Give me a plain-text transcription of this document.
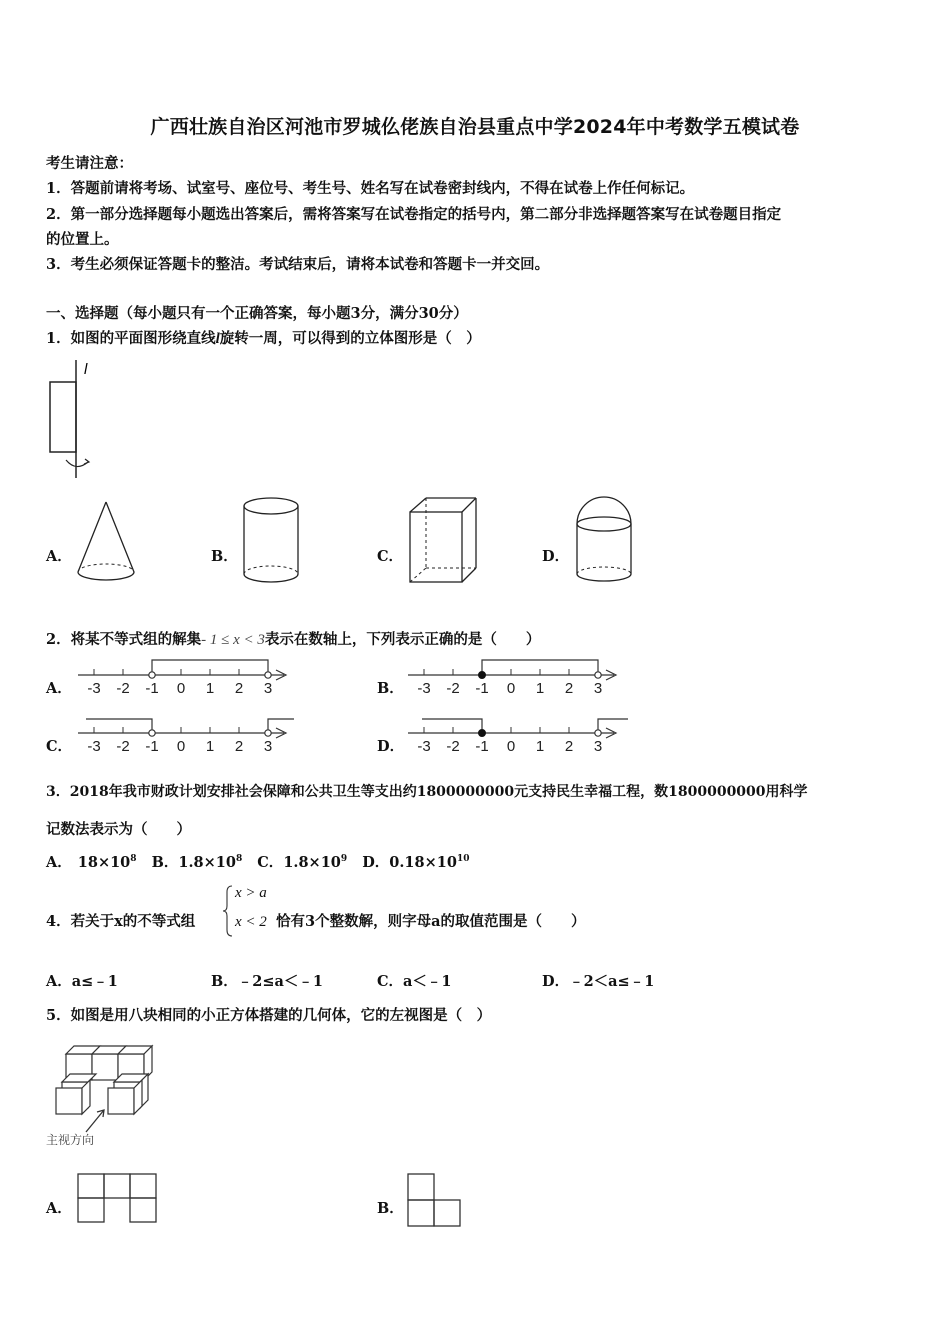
广西壮族自治区河池市罗城仫佬族自治县重点中学2024年中考数学五模试卷
考生请注意：
1．答题前请将考场、试室号、座位号、考生号、姓名写在试卷密封线内，不得在试卷上作任何标记。
2．第一部分选择题每小题选出答案后，需将答案写在试卷指定的括号内，第二部分非选择题答案写在试卷题目指定
的位置上。
3．考生必须保证答题卡的整洁。考试结束后，请将本试卷和答题卡一并交回。
一、选择题（每小题只有一个正确答案，每小题3分，满分30分）
1．如图的平面图形绕直线l旋转一周，可以得到的立体图形是（　）
l
A．	B．	C．	D．
2．将某不等式组的解集- 1 ≤ x < 3表示在数轴上，下列表示正确的是（　　）
A． -3 -2 -1 0 1 2 3	B． -3 -2 -1 0 1 2 3
C． -3 -2 -1 0 1 2 3	D． -3 -2 -1 0 1 2 3
3．2018年我市财政计划安排社会保障和公共卫生等支出约1800000000元支持民生幸福工程，数1800000000用科学
记数法表示为（　　）
A． $18\times 10^8$ B．$1.8\times 10^8$ C．$1.8\times 10^9$ D．$0.18\times 10^{10}$
4．若关于x的不等式组
x > a
x < 2 恰有3个整数解，则字母a的取值范围是（　　）
A．a≤﹣1	B．﹣2≤a＜﹣1	C．a＜﹣1	D．﹣2＜a≤﹣1
5．如图是用八块相同的小正方体搭建的几何体，它的左视图是（　）
主视方向
A．	B．
